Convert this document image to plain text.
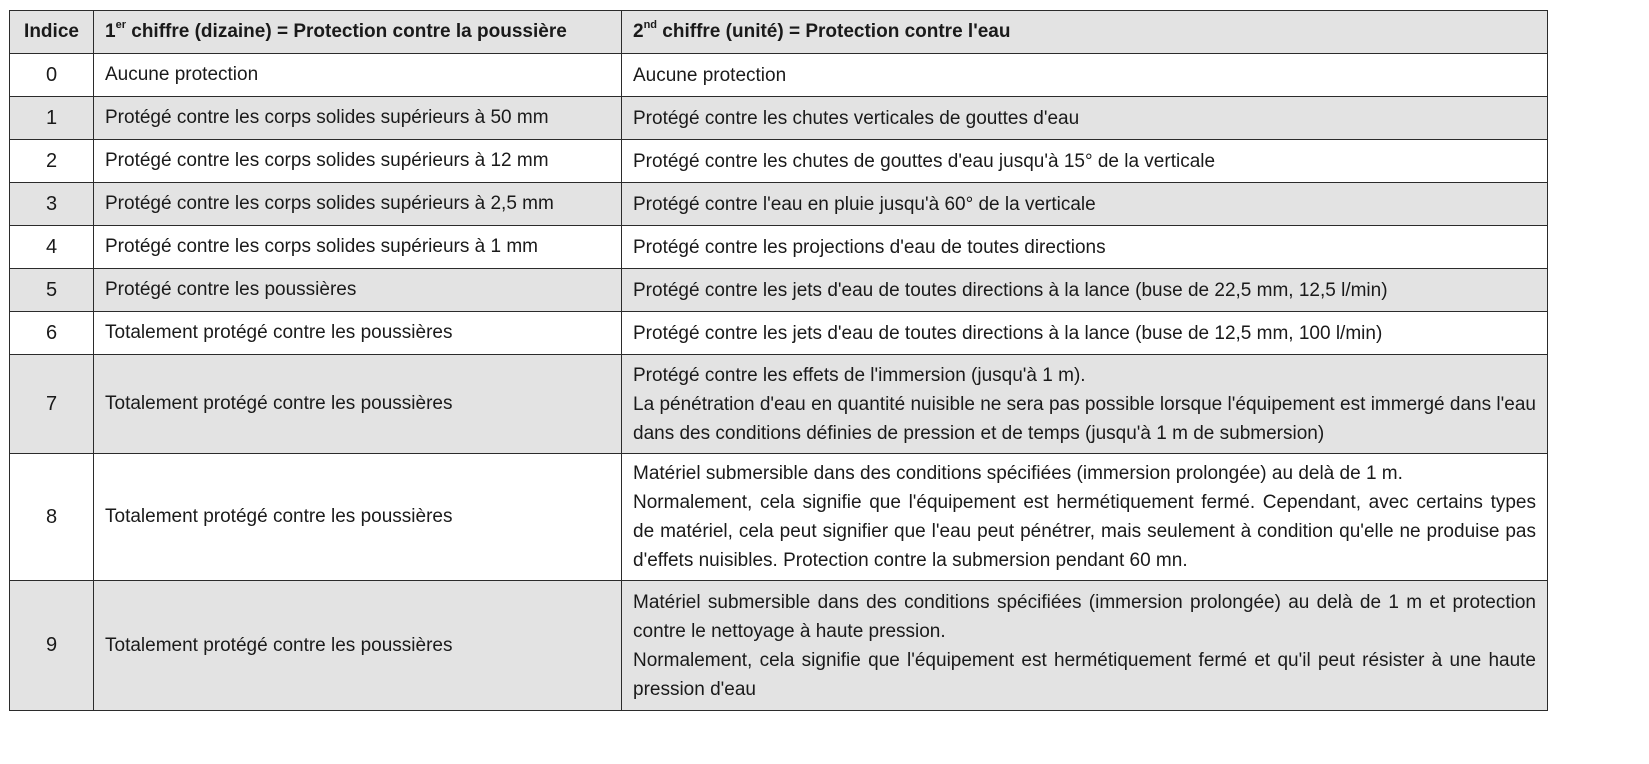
Indice	1er chiffre (dizaine) = Protection contre la poussière	2nd chiffre (unité) = Protection contre l'eau
0	Aucune protection	Aucune protection

1	Protégé contre les corps solides supérieurs à 50 mm	Protégé contre les chutes verticales de gouttes d'eau

2	Protégé contre les corps solides supérieurs à 12 mm	Protégé contre les chutes de gouttes d'eau jusqu'à 15° de la verticale

3	Protégé contre les corps solides supérieurs à 2,5 mm	Protégé contre l'eau en pluie jusqu'à 60° de la verticale

4	Protégé contre les corps solides supérieurs à 1 mm	Protégé contre les projections d'eau de toutes directions

5	Protégé contre les poussières	Protégé contre les jets d'eau de toutes directions à la lance (buse de 22,5 mm, 12,5 l/min)

6	Totalement protégé contre les poussières	Protégé contre les jets d'eau de toutes directions à la lance (buse de 12,5 mm, 100 l/min)

7	Totalement protégé contre les poussières	Protégé contre les effets de l'immersion (jusqu'à 1 m).
La pénétration d'eau en quantité nuisible ne sera pas possible lorsque l'équipement est immergé dans l'eau dans des conditions définies de pression et de temps (jusqu'à 1 m de submersion)

8	Totalement protégé contre les poussières	Matériel submersible dans des conditions spécifiées (immersion prolongée) au delà de 1 m.
Normalement, cela signifie que l'équipement est hermétiquement fermé. Cependant, avec certains types de matériel, cela peut signifier que l'eau peut pénétrer, mais seulement à condition qu'elle ne produise pas d'effets nuisibles. Protection contre la submersion pendant 60 mn.

9	Totalement protégé contre les poussières	Matériel submersible dans des conditions spécifiées (immersion prolongée) au delà de 1 m et protection contre le nettoyage à haute pression.
Normalement, cela signifie que l'équipement est hermétiquement fermé et qu'il peut résister à une haute pression d'eau
